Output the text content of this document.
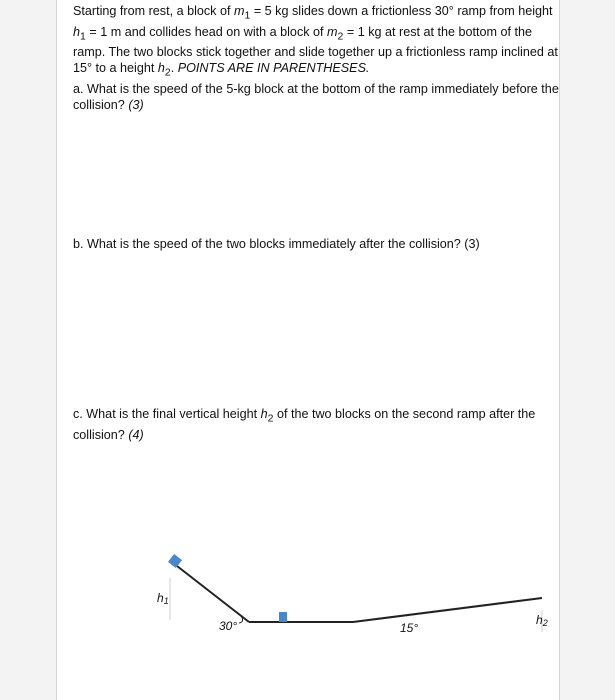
Starting from rest, a block of $m_1 = 5$ kg slides down a frictionless 30° ramp from height $h_1 = 1$ m and collides head on with a block of $m_2 = 1$ kg at rest at the bottom of the ramp. The two blocks stick together and slide together up a frictionless ramp inclined at 15° to a height $h_2$. POINTS ARE IN PARENTHESES.
a. What is the speed of the 5-kg block at the bottom of the ramp immediately before the collision? (3)
b. What is the speed of the two blocks immediately after the collision? (3)
c. What is the final vertical height $h_2$ of the two blocks on the second ramp after the collision? (4)
h1
30°	15°
h2
